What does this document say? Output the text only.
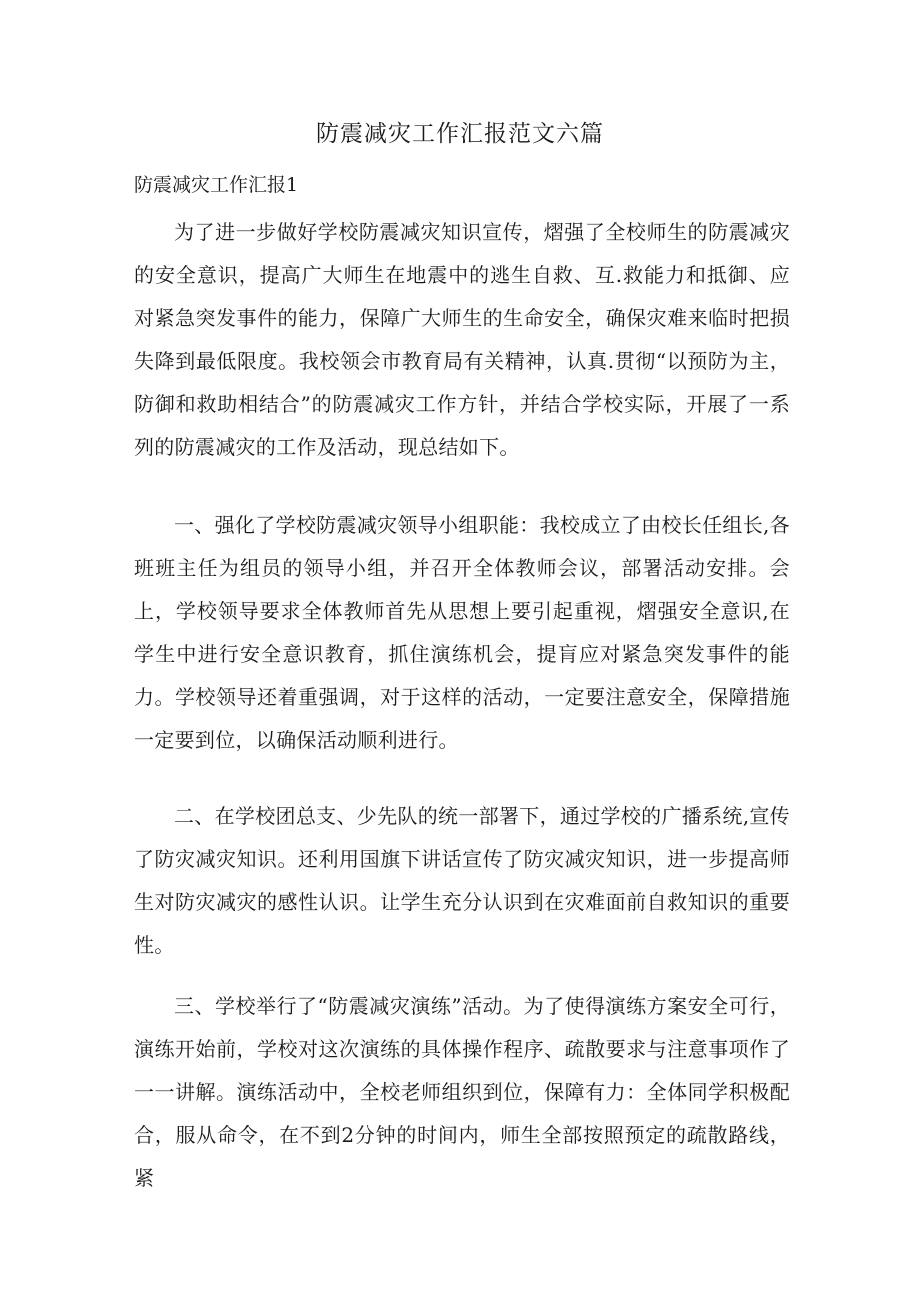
防震减灾工作汇报范文六篇
防震减灾工作汇报1

为了进一步做好学校防震减灾知识宣传，熠强了全校师生的防震减灾的安全意识，提高广大师生在地震中的逃生自救、互.救能力和抵御、应对紧急突发事件的能力，保障广大师生的生命安全，确保灾难来临时把损失降到最低限度。我校领会市教育局有关精神，认真.贯彻“以预防为主，防御和救助相结合”的防震减灾工作方针，并结合学校实际，开展了一系列的防震减灾的工作及活动，现总结如下。

一、强化了学校防震减灾领导小组职能：我校成立了由校长任组长,各班班主任为组员的领导小组，并召开全体教师会议，部署活动安排。会上，学校领导要求全体教师首先从思想上要引起重视，熠强安全意识,在学生中进行安全意识教育，抓住演练机会，提肓应对紧急突发事件的能力。学校领导还着重强调，对于这样的活动，一定要注意安全，保障措施一定要到位，以确保活动顺利进行。

二、在学校团总支、少先队的统一部署下，通过学校的广播系统,宣传了防灾减灾知识。还利用国旗下讲话宣传了防灾减灾知识，进一步提高师生对防灾减灾的感性认识。让学生充分认识到在灾难面前自救知识的重要性。

三、学校举行了“防震减灾演练”活动。为了使得演练方案安全可行，演练开始前，学校对这次演练的具体操作程序、疏散要求与注意事项作了一一讲解。演练活动中，全校老师组织到位，保障有力：全体同学积极配合，服从命令，在不到2分钟的时间内，师生全部按照预定的疏散路线，紧
